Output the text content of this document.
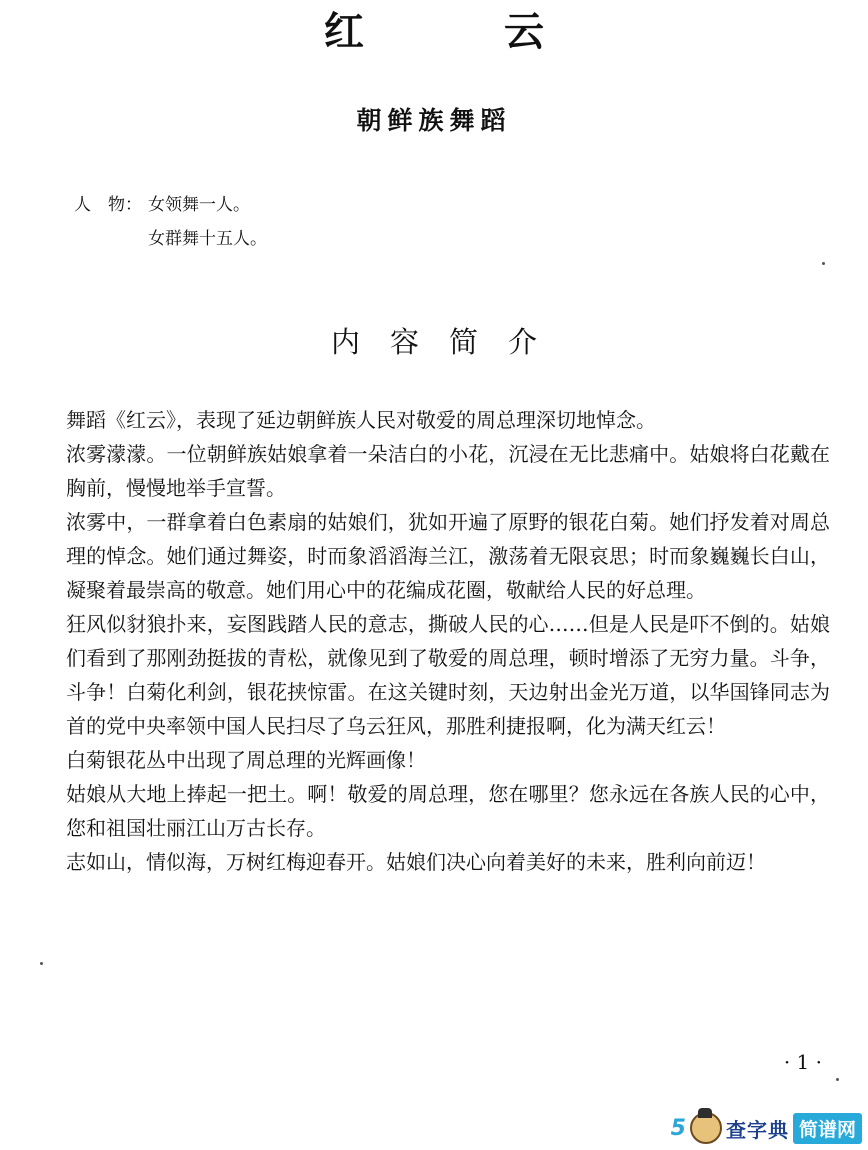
红云
朝鲜族舞蹈
人　物： 女领舞一人。
女群舞十五人。
内容简介

舞蹈《红云》，表现了延边朝鲜族人民对敬爱的周总理深切地悼念。

浓雾濛濛。一位朝鲜族姑娘拿着一朵洁白的小花，沉浸在无比悲痛中。姑娘将白花戴在胸前，慢慢地举手宣誓。

浓雾中，一群拿着白色素扇的姑娘们，犹如开遍了原野的银花白菊。她们抒发着对周总理的悼念。她们通过舞姿，时而象滔滔海兰江，激荡着无限哀思；时而象巍巍长白山，凝聚着最崇高的敬意。她们用心中的花编成花圈，敬献给人民的好总理。

狂风似豺狼扑来，妄图践踏人民的意志，撕破人民的心……但是人民是吓不倒的。姑娘们看到了那刚劲挺拔的青松，就像见到了敬爱的周总理，顿时增添了无穷力量。斗争，斗争！白菊化利剑，银花挟惊雷。在这关键时刻，天边射出金光万道，以华国锋同志为首的党中央率领中国人民扫尽了乌云狂风，那胜利捷报啊，化为满天红云！

白菊银花丛中出现了周总理的光辉画像！

姑娘从大地上捧起一把土。啊！敬爱的周总理，您在哪里？您永远在各族人民的心中，您和祖国壮丽江山万古长存。

志如山，情似海，万树红梅迎春开。姑娘们决心向着美好的未来，胜利向前迈！

· 1 ·
5 查字典 简谱网
